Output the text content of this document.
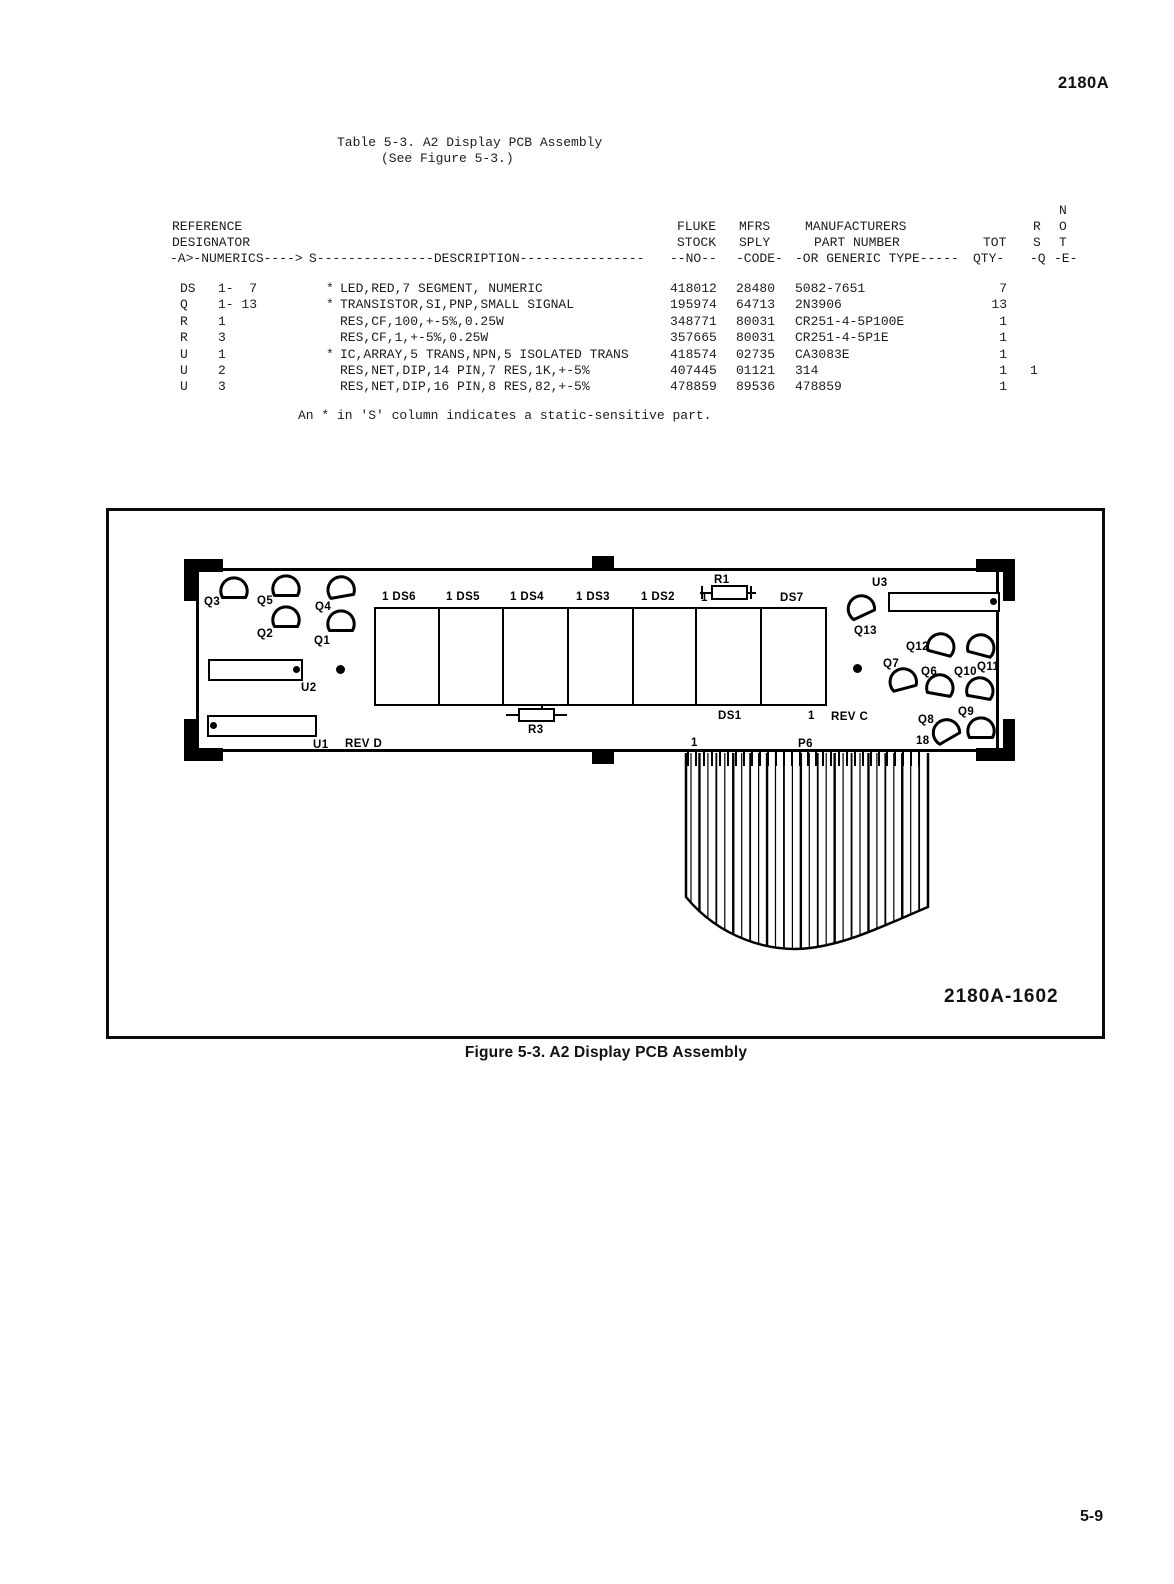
2180A
Table 5-3. A2 Display PCB Assembly
(See Figure 5-3.)
N
REFERENCE	FLUKE MFRS	MANUFACTURERS	R O
DESIGNATOR	STOCK SPLY	PART NUMBER	TOT S T
-A>-NUMERICS----> S---------------DESCRIPTION---------------- --NO-- -CODE- -OR GENERIC TYPE----- QTY- -Q -E-
DS 1-  7	* LED,RED,7 SEGMENT, NUMERIC	418012 28480 5082-7651	7
Q 1- 13	* TRANSISTOR,SI,PNP,SMALL SIGNAL	195974 64713 2N3906	13
R 1	RES,CF,100,+-5%,0.25W	348771 80031 CR251-4-5P100E	1
R 3	RES,CF,1,+-5%,0.25W	357665 80031 CR251-4-5P1E	1
U 1	* IC,ARRAY,5 TRANS,NPN,5 ISOLATED TRANS	418574 02735 CA3083E	1
U 2	RES,NET,DIP,14 PIN,7 RES,1K,+-5%	407445 01121 314	1 1
U 3	RES,NET,DIP,16 PIN,8 RES,82,+-5%	478859 89536 478859	1
An * in 'S' column indicates a static-sensitive part.
Q3	Q5	Q4
Q2
Q1
Q13
Q12
Q11
Q7
Q6 Q10
Q8
Q9
R1	U3
1 DS6	1 DS5	1 DS4	1 DS3	1 DS2 1	DS7
U2
U1 REV D
R3
DS1	1 REV C
1	P6	18
2180A-1602
Figure 5-3. A2 Display PCB Assembly
5-9
